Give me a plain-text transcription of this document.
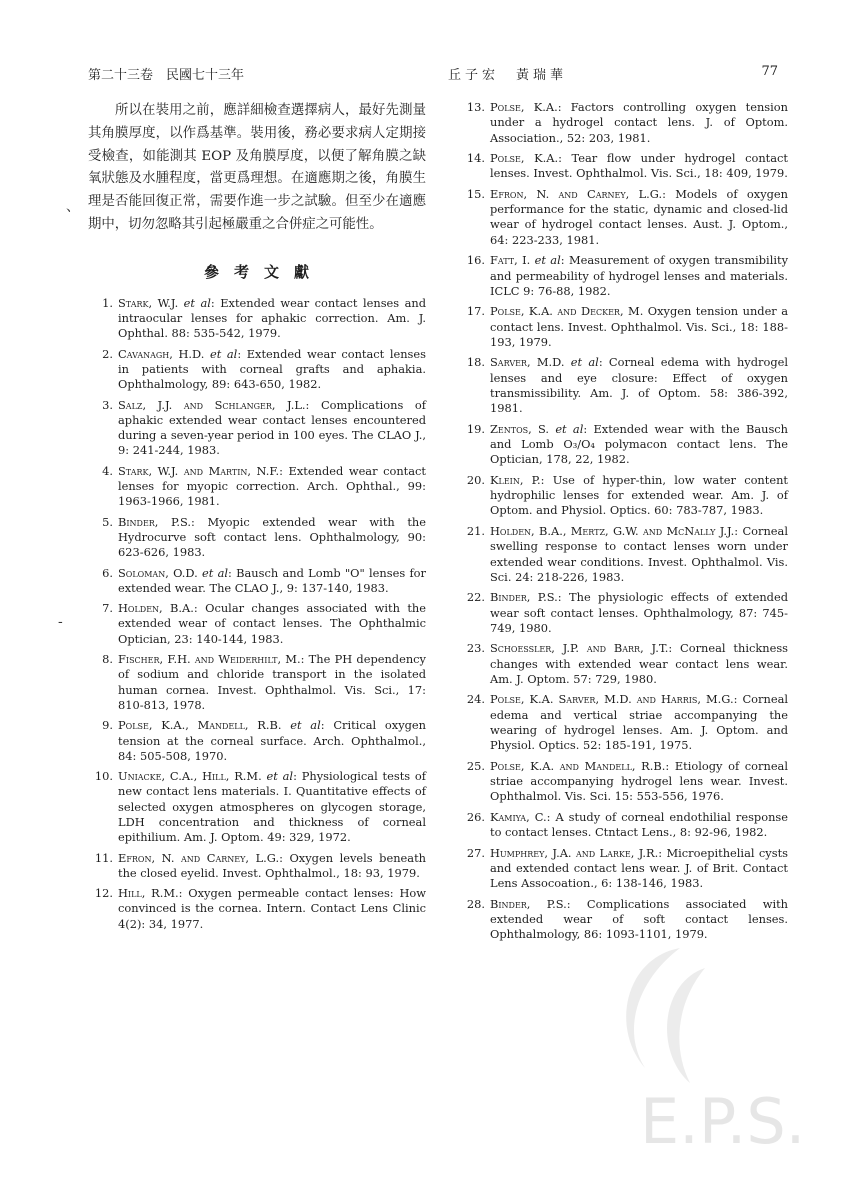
第二十三卷　民國七十三年	丘子宏　黃瑞華	77
、
-

所以在裝用之前，應詳細檢查選擇病人，最好先測量其角膜厚度，以作爲基準。裝用後，務必要求病人定期接受檢查，如能測其 EOP 及角膜厚度，以便了解角膜之缺氧狀態及水腫程度，當更爲理想。在適應期之後，角膜生理是否能回復正常，需要作進一步之試驗。但至少在適應期中，切勿忽略其引起極嚴重之合併症之可能性。

參考文獻
1. Stark, W.J. et al: Extended wear contact lenses and intraocular lenses for aphakic correction. Am. J. Ophthal. 88: 535-542, 1979.
2. Cavanagh, H.D. et al: Extended wear contact lenses in patients with corneal grafts and aphakia. Ophthalmology, 89: 643-650, 1982.
3. Salz, J.J. and Schlanger, J.L.: Complications of aphakic extended wear contact lenses encountered during a seven-year period in 100 eyes. The CLAO J., 9: 241-244, 1983.
4. Stark, W.J. and Martin, N.F.: Extended wear contact lenses for myopic correction. Arch. Ophthal., 99: 1963-1966, 1981.
5. Binder, P.S.: Myopic extended wear with the Hydrocurve soft contact lens. Ophthalmology, 90: 623-626, 1983.
6. Soloman, O.D. et al: Bausch and Lomb "O" lenses for extended wear. The CLAO J., 9: 137-140, 1983.
7. Holden, B.A.: Ocular changes associated with the extended wear of contact lenses. The Ophthalmic Optician, 23: 140-144, 1983.
8. Fischer, F.H. and Weiderhilt, M.: The PH dependency of sodium and chloride transport in the isolated human cornea. Invest. Ophthalmol. Vis. Sci., 17: 810-813, 1978.
9. Polse, K.A., Mandell, R.B. et al: Critical oxygen tension at the corneal surface. Arch. Ophthalmol., 84: 505-508, 1970.
10. Uniacke, C.A., Hill, R.M. et al: Physiological tests of new contact lens materials. I. Quantitative effects of selected oxygen atmospheres on glycogen storage, LDH concentration and thickness of corneal epithilium. Am. J. Optom. 49: 329, 1972.
11. Efron, N. and Carney, L.G.: Oxygen levels beneath the closed eyelid. Invest. Ophthalmol., 18: 93, 1979.
12. Hill, R.M.: Oxygen permeable contact lenses: How convinced is the cornea. Intern. Contact Lens Clinic 4(2): 34, 1977.
13. Polse, K.A.: Factors controlling oxygen tension under a hydrogel contact lens. J. of Optom. Association., 52: 203, 1981.
14. Polse, K.A.: Tear flow under hydrogel contact lenses. Invest. Ophthalmol. Vis. Sci., 18: 409, 1979.
15. Efron, N. and Carney, L.G.: Models of oxygen performance for the static, dynamic and closed-lid wear of hydrogel contact lenses. Aust. J. Optom., 64: 223-233, 1981.
16. Fatt, I. et al: Measurement of oxygen transmibility and permeability of hydrogel lenses and materials. ICLC 9: 76-88, 1982.
17. Polse, K.A. and Decker, M. Oxygen tension under a contact lens. Invest. Ophthalmol. Vis. Sci., 18: 188-193, 1979.
18. Sarver, M.D. et al: Corneal edema with hydrogel lenses and eye closure: Effect of oxygen transmissibility. Am. J. of Optom. 58: 386-392, 1981.
19. Zentos, S. et al: Extended wear with the Bausch and Lomb O₃/O₄ polymacon contact lens. The Optician, 178, 22, 1982.
20. Klein, P.: Use of hyper-thin, low water content hydrophilic lenses for extended wear. Am. J. of Optom. and Physiol. Optics. 60: 783-787, 1983.
21. Holden, B.A., Mertz, G.W. and McNally J.J.: Corneal swelling response to contact lenses worn under extended wear conditions. Invest. Ophthalmol. Vis. Sci. 24: 218-226, 1983.
22. Binder, P.S.: The physiologic effects of extended wear soft contact lenses. Ophthalmology, 87: 745-749, 1980.
23. Schoessler, J.P. and Barr, J.T.: Corneal thickness changes with extended wear contact lens wear. Am. J. Optom. 57: 729, 1980.
24. Polse, K.A. Sarver, M.D. and Harris, M.G.: Corneal edema and vertical striae accompanying the wearing of hydrogel lenses. Am. J. Optom. and Physiol. Optics. 52: 185-191, 1975.
25. Polse, K.A. and Mandell, R.B.: Etiology of corneal striae accompanying hydrogel lens wear. Invest. Ophthalmol. Vis. Sci. 15: 553-556, 1976.
26. Kamiya, C.: A study of corneal endothilial response to contact lenses. Ctntact Lens., 8: 92-96, 1982.
27. Humphrey, J.A. and Larke, J.R.: Microepithelial cysts and extended contact lens wear. J. of Brit. Contact Lens Assocoation., 6: 138-146, 1983.
28. Binder, P.S.: Complications associated with extended wear of soft contact lenses. Ophthalmology, 86: 1093-1101, 1979.
E.P.S.
